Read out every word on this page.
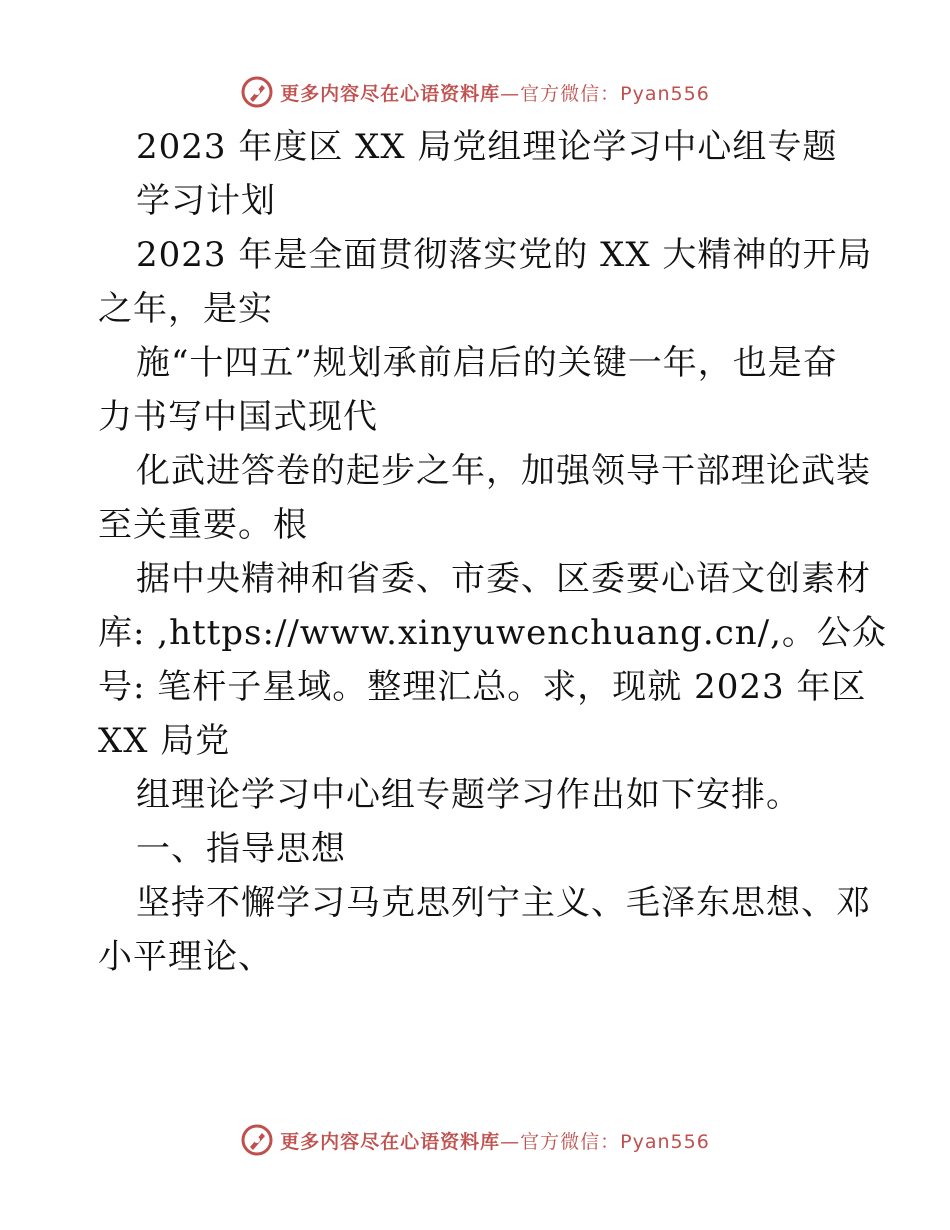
更多内容尽在心语资料库—官方微信：Pyan556
2023 年度区 XX 局党组理论学习中心组专题
学习计划
2023 年是全面贯彻落实党的 XX 大精神的开局
之年，是实
施“十四五”规划承前启后的关键一年，也是奋
力书写中国式现代
化武进答卷的起步之年，加强领导干部理论武装
至关重要。根
据中央精神和省委、市委、区委要心语文创素材
库: ,https://www.xinyuwenchuang.cn/,。公众
号: 笔杆子星域。整理汇总。求，现就 2023 年区
XX 局党
组理论学习中心组专题学习作出如下安排。
一、指导思想
坚持不懈学习马克思列宁主义、毛泽东思想、邓
小平理论、
更多内容尽在心语资料库—官方微信：Pyan556
